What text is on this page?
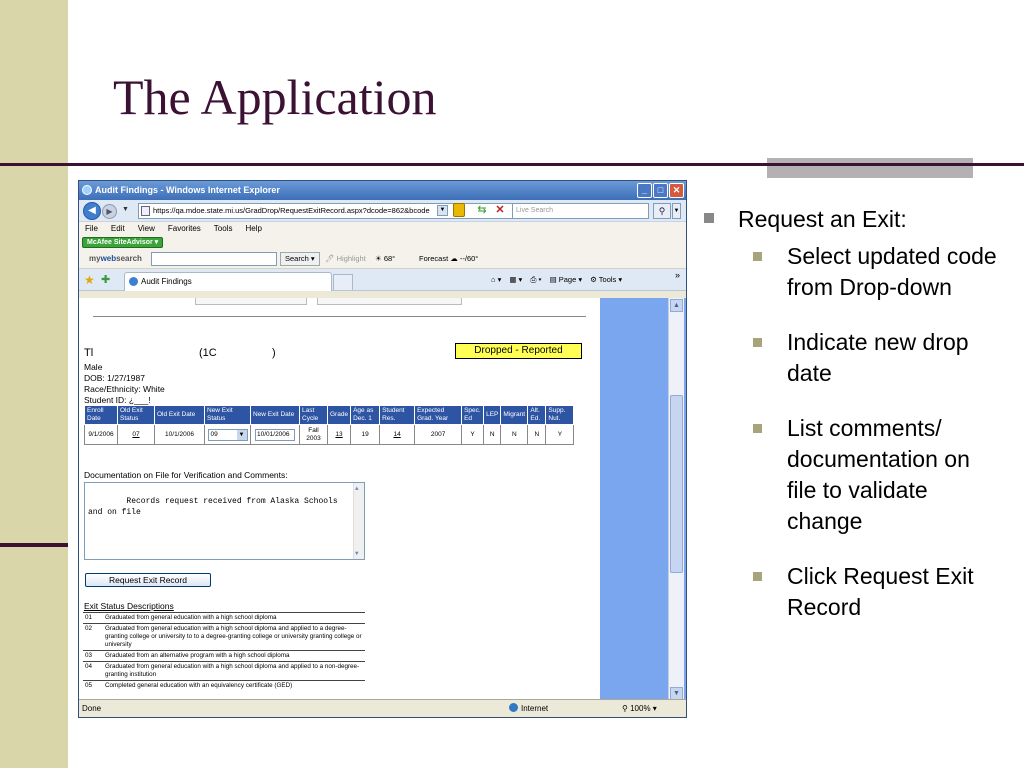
The Application
Request an Exit:
Select updated code from Drop-down
Indicate new drop date
List comments/ documentation on file to validate change
Click Request Exit Record
Audit Findings - Windows Internet Explorer	_	□	✕
◀	▶	▼	https://qa.mdoe.state.mi.us/GradDrop/RequestExitRecord.aspx?dcode=862&bcode	▼	⇆ ✕	Live Search	⚲	▼
File Edit View Favorites Tools Help
McAfee SiteAdvisor ▾
mywebsearch	Search ▾	🖊 Highlight ☀ 68°	Forecast ☁ --/60°
★ ✚	Audit Findings	⌂ ▾ ▦ ▾ ⎙ ▾ ▤ Page ▾ ⚙ Tools ▾	»
Tl	(1C	)	Dropped - Reported
Male
DOB: 1/27/1987
Race/Ethnicity: White
Student ID: ¿___!
Enroll Date	Old Exit Status	Old Exit Date	New Exit Status	New Exit Date	Last Cycle	Grade	Age as Dec. 1	Student Res.	Expected Grad. Year	Spec. Ed	LEP	Migrant	Alt. Ed.	Supp. Nut.
9/1/2006	07	10/1/2006	09 ▼	10/01/2006	Fall 2003	13	19	14	2007	Y	N	N	N	Y
Documentation on File for Verification and Comments:

Records request received from Alaska Schools
and on file

▲  ▼

Request Exit Record
Exit Status Descriptions
01	Graduated from general education with a high school diploma
02	Graduated from general education with a high school diploma and applied to a degree-granting college or university to to a degree-granting college or university granting college or university
03	Graduated from an alternative program with a high school diploma
04	Graduated from general education with a high school diploma and applied to a non-degree-granting institution
05	Completed general education with an equivalency certificate (GED)
▲
▼
Done	Internet	⚲ 100% ▾
